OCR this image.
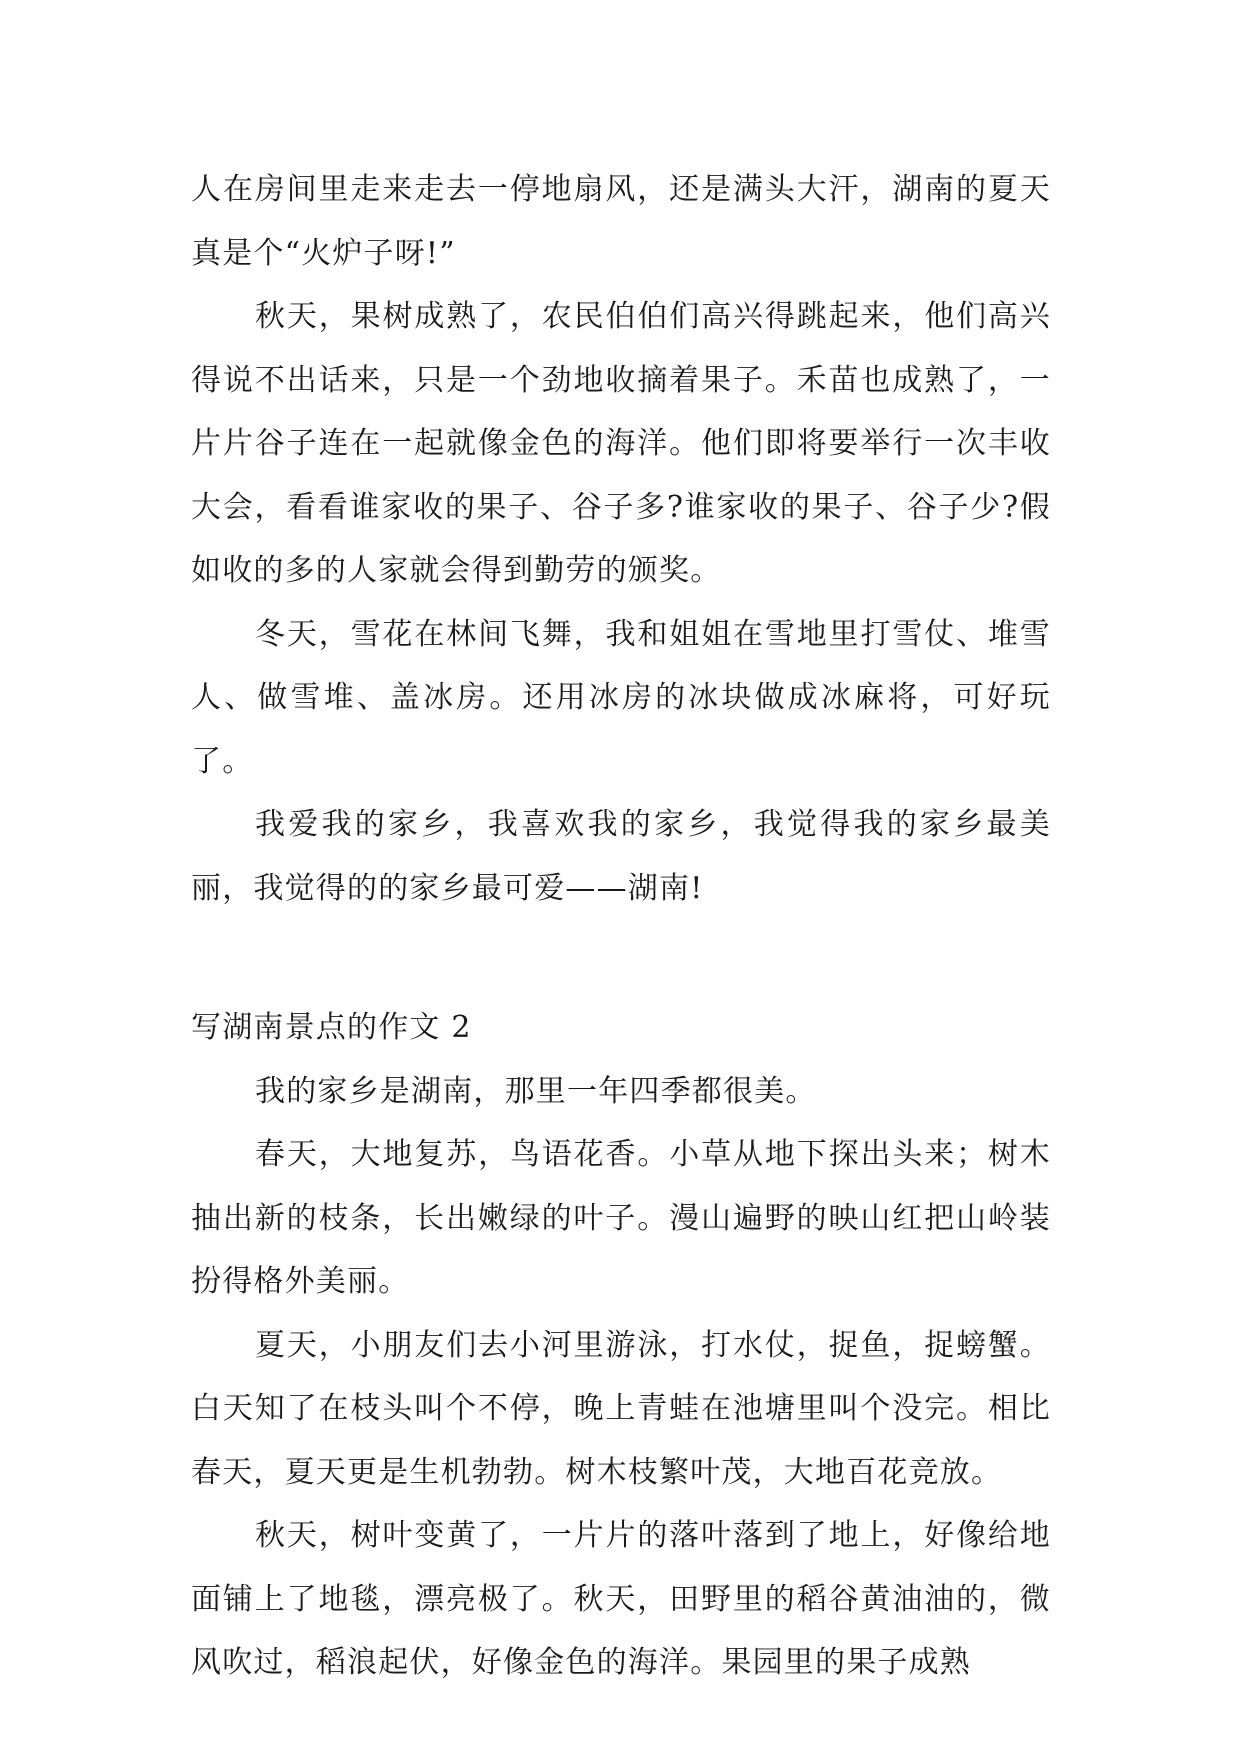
人在房间里走来走去一停地扇风，还是满头大汗，湖南的夏天真是个“火炉子呀!”

秋天，果树成熟了，农民伯伯们高兴得跳起来，他们高兴得说不出话来，只是一个劲地收摘着果子。禾苗也成熟了，一片片谷子连在一起就像金色的海洋。他们即将要举行一次丰收大会，看看谁家收的果子、谷子多?谁家收的果子、谷子少?假如收的多的人家就会得到勤劳的颁奖。

冬天，雪花在林间飞舞，我和姐姐在雪地里打雪仗、堆雪人、做雪堆、盖冰房。还用冰房的冰块做成冰麻将，可好玩了。

我爱我的家乡，我喜欢我的家乡，我觉得我的家乡最美丽，我觉得的的家乡最可爱——湖南!

写湖南景点的作文 2

我的家乡是湖南，那里一年四季都很美。

春天，大地复苏，鸟语花香。小草从地下探出头来；树木抽出新的枝条，长出嫩绿的叶子。漫山遍野的映山红把山岭装扮得格外美丽。

夏天，小朋友们去小河里游泳，打水仗，捉鱼，捉螃蟹。白天知了在枝头叫个不停，晚上青蛙在池塘里叫个没完。相比春天，夏天更是生机勃勃。树木枝繁叶茂，大地百花竞放。

秋天，树叶变黄了，一片片的落叶落到了地上，好像给地面铺上了地毯，漂亮极了。秋天，田野里的稻谷黄油油的，微风吹过，稻浪起伏，好像金色的海洋。果园里的果子成熟
